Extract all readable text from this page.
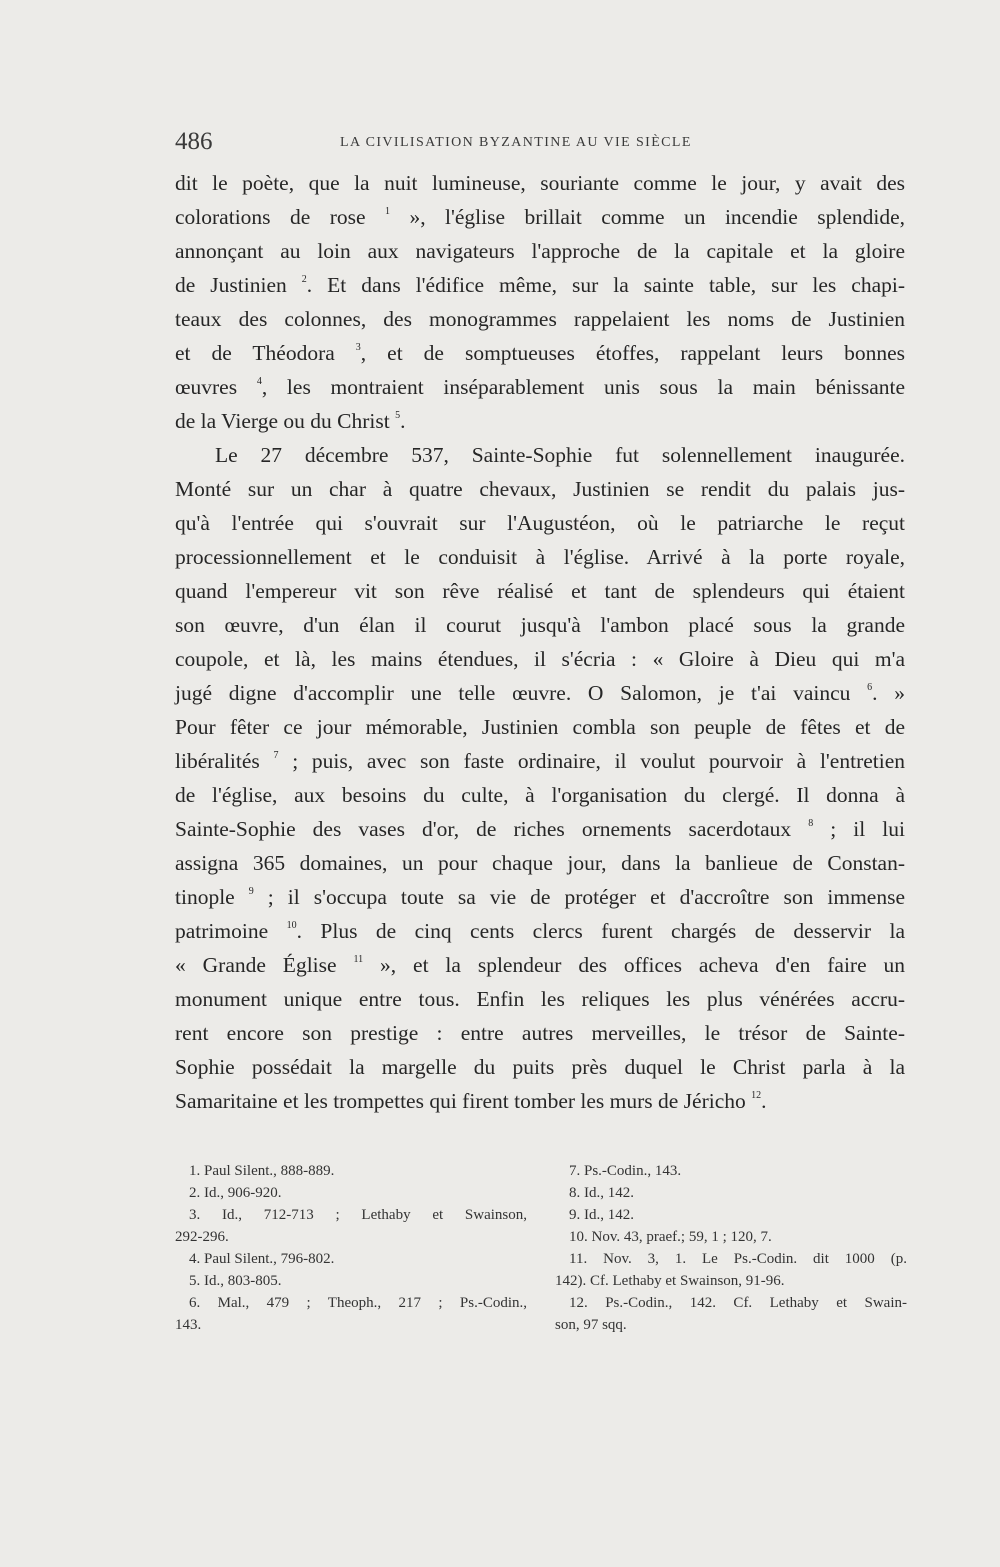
486	LA CIVILISATION BYZANTINE AU VIE SIÈCLE
dit le poète, que la nuit lumineuse, souriante comme le jour, y avait des
colorations de rose $^1$ », l'église brillait comme un incendie splendide,
annonçant au loin aux navigateurs l'approche de la capitale et la gloire
de Justinien $^2$. Et dans l'édifice même, sur la sainte table, sur les chapi-
teaux des colonnes, des monogrammes rappelaient les noms de Justinien
et de Théodora $^3$, et de somptueuses étoffes, rappelant leurs bonnes
œuvres $^4$, les montraient inséparablement unis sous la main bénissante
de la Vierge ou du Christ $^5$.
Le 27 décembre 537, Sainte-Sophie fut solennellement inaugurée.
Monté sur un char à quatre chevaux, Justinien se rendit du palais jus-
qu'à l'entrée qui s'ouvrait sur l'Augustéon, où le patriarche le reçut
processionnellement et le conduisit à l'église. Arrivé à la porte royale,
quand l'empereur vit son rêve réalisé et tant de splendeurs qui étaient
son œuvre, d'un élan il courut jusqu'à l'ambon placé sous la grande
coupole, et là, les mains étendues, il s'écria : « Gloire à Dieu qui m'a
jugé digne d'accomplir une telle œuvre. O Salomon, je t'ai vaincu $^6$. »
Pour fêter ce jour mémorable, Justinien combla son peuple de fêtes et de
libéralités $^7$ ; puis, avec son faste ordinaire, il voulut pourvoir à l'entretien
de l'église, aux besoins du culte, à l'organisation du clergé. Il donna à
Sainte-Sophie des vases d'or, de riches ornements sacerdotaux $^8$ ; il lui
assigna 365 domaines, un pour chaque jour, dans la banlieue de Constan-
tinople $^9$ ; il s'occupa toute sa vie de protéger et d'accroître son immense
patrimoine $^{10}$. Plus de cinq cents clercs furent chargés de desservir la
« Grande Église $^{11}$ », et la splendeur des offices acheva d'en faire un
monument unique entre tous. Enfin les reliques les plus vénérées accru-
rent encore son prestige : entre autres merveilles, le trésor de Sainte-
Sophie possédait la margelle du puits près duquel le Christ parla à la
Samaritaine et les trompettes qui firent tomber les murs de Jéricho $^{12}$.
1. Paul Silent., 888-889.
2. Id., 906-920.
3. Id., 712-713 ; Lethaby et Swainson,
292-296.
4. Paul Silent., 796-802.
5. Id., 803-805.
6. Mal., 479 ; Theoph., 217 ; Ps.-Codin.,
143.
7. Ps.-Codin., 143.
8. Id., 142.
9. Id., 142.
10. Nov. 43, praef.; 59, 1 ; 120, 7.
11. Nov. 3, 1. Le Ps.-Codin. dit 1000 (p.
142). Cf. Lethaby et Swainson, 91-96.
12. Ps.-Codin., 142. Cf. Lethaby et Swain-
son, 97 sqq.
